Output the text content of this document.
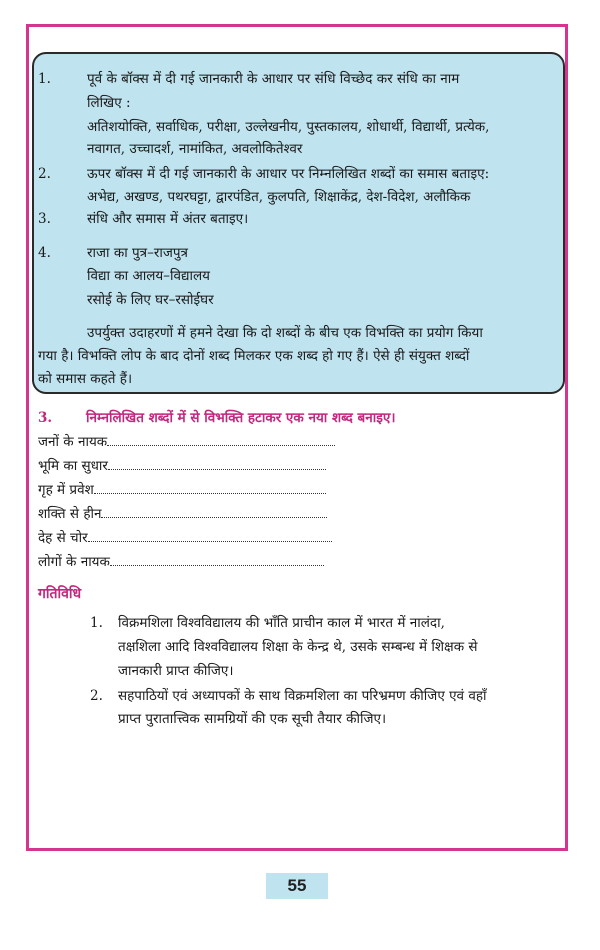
1.	पूर्व के बॉक्स में दी गई जानकारी के आधार पर संधि विच्छेद कर संधि का नाम
लिखिए :
अतिशयोक्ति, सर्वाधिक, परीक्षा, उल्लेखनीय, पुस्तकालय, शोधार्थी, विद्यार्थी, प्रत्येक,
नवागत, उच्चादर्श, नामांकित, अवलोकितेश्वर
2.	ऊपर बॉक्स में दी गई जानकारी के आधार पर निम्नलिखित शब्दों का समास बताइए:
अभेद्य, अखण्ड, पथरघट्टा, द्वारपंडित, कुलपति, शिक्षाकेंद्र, देश-विदेश, अलौकिक
3.	संधि और समास में अंतर बताइए।
4.	राजा का पुत्र–राजपुत्र
विद्या का आलय–विद्यालय
रसोई के लिए घर–रसोईघर
उपर्युक्त उदाहरणों में हमने देखा कि दो शब्दों के बीच एक विभक्ति का प्रयोग किया
गया है। विभक्ति लोप के बाद दोनों शब्द मिलकर एक शब्द हो गए हैं। ऐसे ही संयुक्त शब्दों
को समास कहते हैं।
3.	निम्नलिखित शब्दों में से विभक्ति हटाकर एक नया शब्द बनाइए।
जनों के नायक
भूमि का सुधार
गृह में प्रवेश
शक्ति से हीन
देह से चोर
लोगों के नायक
गतिविधि
1. विक्रमशिला विश्वविद्यालय की भाँति प्राचीन काल में भारत में नालंदा,
तक्षशिला आदि विश्वविद्यालय शिक्षा के केन्द्र थे, उसके सम्बन्ध में शिक्षक से
जानकारी प्राप्त कीजिए।
2. सहपाठियों एवं अध्यापकों के साथ विक्रमशिला का परिभ्रमण कीजिए एवं वहाँ
प्राप्त पुरातात्त्विक सामग्रियों की एक सूची तैयार कीजिए।
55
